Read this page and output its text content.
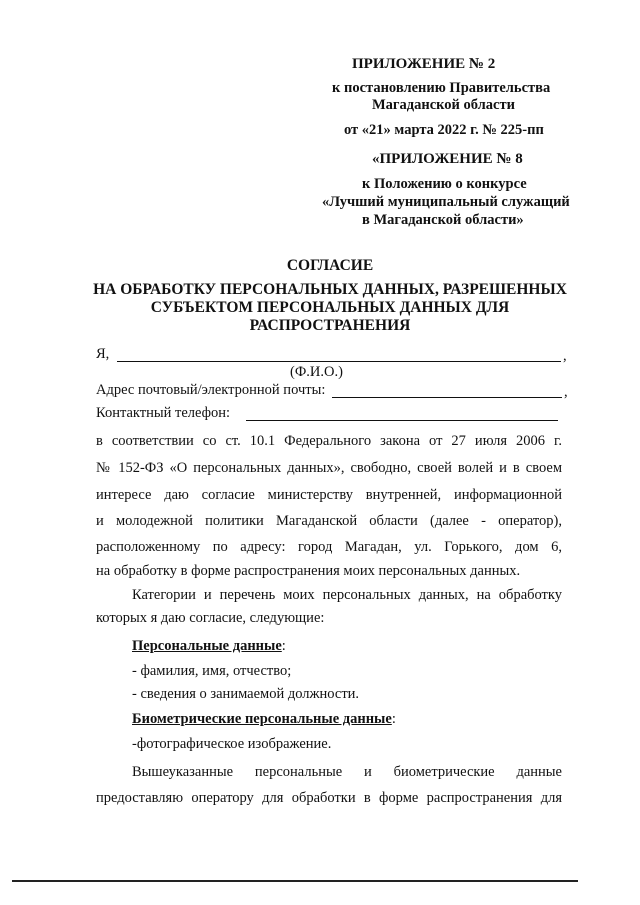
ПРИЛОЖЕНИЕ № 2
к постановлению Правительства
Магаданской области
от «21» марта 2022 г. № 225-пп
«ПРИЛОЖЕНИЕ № 8
к Положению о конкурсе
«Лучший муниципальный служащий
в Магаданской области»
СОГЛАСИЕ
НА ОБРАБОТКУ ПЕРСОНАЛЬНЫХ ДАННЫХ, РАЗРЕШЕННЫХ
СУБЪЕКТОМ ПЕРСОНАЛЬНЫХ ДАННЫХ ДЛЯ
РАСПРОСТРАНЕНИЯ
Я,	,
(Ф.И.О.)
Адрес почтовый/электронной почты:	,
Контактный телефон:
в соответствии со ст. 10.1 Федерального закона от 27 июля 2006 г.
№ 152-ФЗ «О персональных данных», свободно, своей волей и в своем
интересе даю согласие министерству внутренней, информационной
и молодежной политики Магаданской области (далее - оператор),
расположенному по адресу: город Магадан, ул. Горького, дом 6,
на обработку в форме распространения моих персональных данных.
Категории и перечень моих персональных данных, на обработку
которых я даю согласие, следующие:
Персональные данные:
- фамилия, имя, отчество;
- сведения о занимаемой должности.
Биометрические персональные данные:
-фотографическое изображение.
Вышеуказанные персональные и биометрические данные
предоставляю оператору для обработки в форме распространения для
